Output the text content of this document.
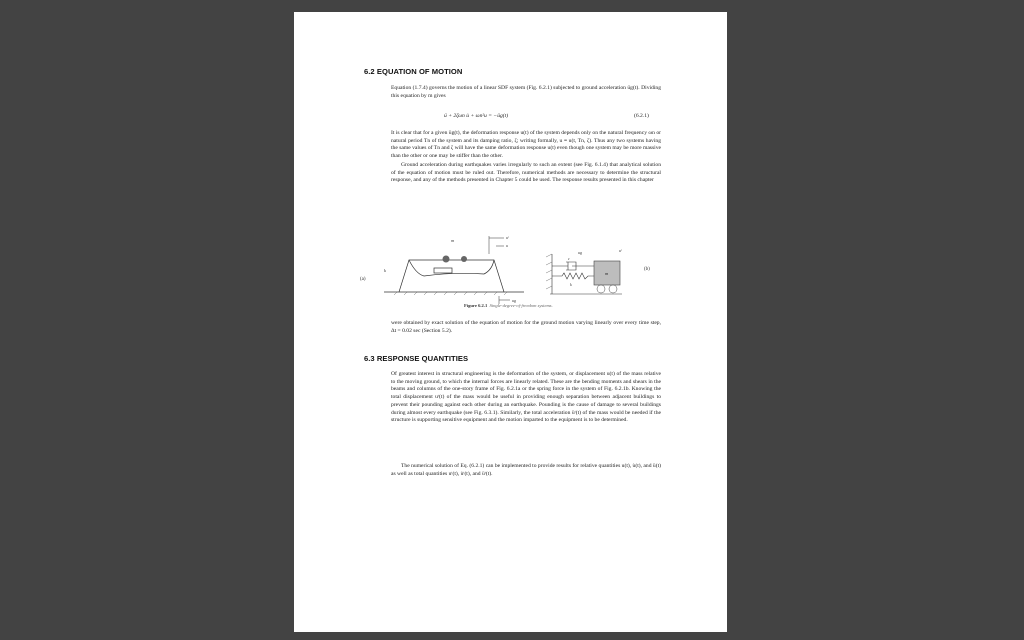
6.2 EQUATION OF MOTION

Equation (1.7.4) governs the motion of a linear SDF system (Fig. 6.2.1) subjected to ground acceleration üg(t). Dividing this equation by m gives

ü + 2ζωn u̇ + ωn²u = −üg(t)	(6.2.1)

It is clear that for a given üg(t), the deformation response u(t) of the system depends only on the natural frequency ωn or natural period Tn of the system and its damping ratio, ζ; writing formally, u ≡ u(t, Tn, ζ). Thus any two systems having the same values of Tn and ζ will have the same deformation response u(t) even though one system may be more massive than the other or one may be stiffer than the other.

Ground acceleration during earthquakes varies irregularly to such an extent (see Fig. 6.1.4) that analytical solution of the equation of motion must be ruled out. Therefore, numerical methods are necessary to determine the structural response, and any of the methods presented in Chapter 5 could be used. The response results presented in this chapter

(a)
k
m
uᵗ
u
ug
m
c
k
ug	uᵗ
(b)
Figure 6.2.1 Single-degree-of-freedom systems.

were obtained by exact solution of the equation of motion for the ground motion varying linearly over every time step, Δt = 0.02 sec (Section 5.2).

6.3 RESPONSE QUANTITIES

Of greatest interest in structural engineering is the deformation of the system, or displacement u(t) of the mass relative to the moving ground, to which the internal forces are linearly related. These are the bending moments and shears in the beams and columns of the one-story frame of Fig. 6.2.1a or the spring force in the system of Fig. 6.2.1b. Knowing the total displacement uᵗ(t) of the mass would be useful in providing enough separation between adjacent buildings to prevent their pounding against each other during an earthquake. Pounding is the cause of damage to several buildings during almost every earthquake (see Fig. 6.3.1). Similarly, the total acceleration üᵗ(t) of the mass would be needed if the structure is supporting sensitive equipment and the motion imparted to the equipment is to be determined.

The numerical solution of Eq. (6.2.1) can be implemented to provide results for relative quantities u(t), u̇(t), and ü(t) as well as total quantities uᵗ(t), u̇ᵗ(t), and üᵗ(t).
